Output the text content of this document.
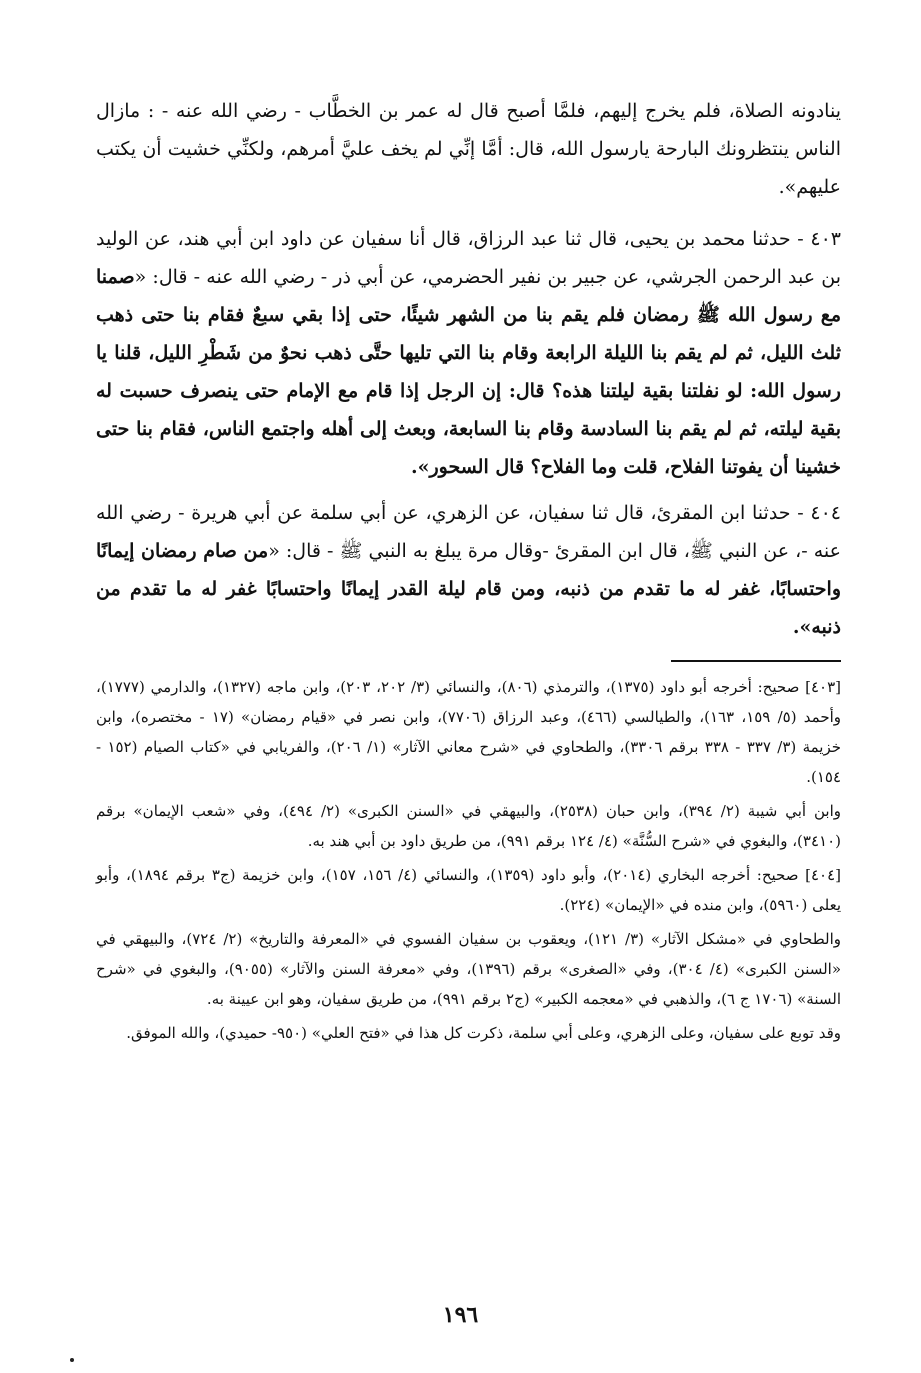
ينادونه الصلاة، فلم يخرج إليهم، فلمَّا أصبح قال له عمر بن الخطَّاب - رضي الله عنه - : مازال الناس ينتظرونك البارحة يارسول الله، قال: أمَّا إنِّي لم يخف عليَّ أمرهم، ولكنِّي خشيت أن يكتب عليهم».

٤٠٣ - حدثنا محمد بن يحيى، قال ثنا عبد الرزاق، قال أنا سفيان عن داود ابن أبي هند، عن الوليد بن عبد الرحمن الجرشي، عن جبير بن نفير الحضرمي، عن أبي ذر - رضي الله عنه - قال: «صمنا مع رسول الله ﷺ رمضان فلم يقم بنا من الشهر شيئًا، حتى إذا بقي سبعٌ فقام بنا حتى ذهب ثلث الليل، ثم لم يقم بنا الليلة الرابعة وقام بنا التي تليها حتَّى ذهب نحوٌ من شَطْرِ الليل، قلنا يا رسول الله: لو نفلتنا بقية ليلتنا هذه؟ قال: إن الرجل إذا قام مع الإمام حتى ينصرف حسبت له بقية ليلته، ثم لم يقم بنا السادسة وقام بنا السابعة، وبعث إلى أهله واجتمع الناس، فقام بنا حتى خشينا أن يفوتنا الفلاح، قلت وما الفلاح؟ قال السحور».

٤٠٤ - حدثنا ابن المقرئ، قال ثنا سفيان، عن الزهري، عن أبي سلمة عن أبي هريرة - رضي الله عنه -، عن النبي ﷺ، قال ابن المقرئ -وقال مرة يبلغ به النبي ﷺ - قال: «من صام رمضان إيمانًا واحتسابًا، غفر له ما تقدم من ذنبه، ومن قام ليلة القدر إيمانًا واحتسابًا غفر له ما تقدم من ذنبه».

[٤٠٣] صحيح: أخرجه أبو داود (١٣٧٥)، والترمذي (٨٠٦)، والنسائي (٣/ ٢٠٢، ٢٠٣)، وابن ماجه (١٣٢٧)، والدارمي (١٧٧٧)، وأحمد (٥/ ١٥٩، ١٦٣)، والطيالسي (٤٦٦)، وعبد الرزاق (٧٧٠٦)، وابن نصر في «قيام رمضان» (١٧ - مختصره)، وابن خزيمة (٣/ ٣٣٧ - ٣٣٨ برقم ٣٣٠٦)، والطحاوي في «شرح معاني الآثار» (١/ ٢٠٦)، والفريابي في «كتاب الصيام (١٥٢ - ١٥٤).

وابن أبي شيبة (٢/ ٣٩٤)، وابن حبان (٢٥٣٨)، والبيهقي في «السنن الكبرى» (٢/ ٤٩٤)، وفي «شعب الإيمان» برقم (٣٤١٠)، والبغوي في «شرح السُّنَّة» (٤/ ١٢٤ برقم ٩٩١)، من طريق داود بن أبي هند به.

[٤٠٤] صحيح: أخرجه البخاري (٢٠١٤)، وأبو داود (١٣٥٩)، والنسائي (٤/ ١٥٦، ١٥٧)، وابن خزيمة (ج٣ برقم ١٨٩٤)، وأبو يعلى (٥٩٦٠)، وابن منده في «الإيمان» (٢٢٤).

والطحاوي في «مشكل الآثار» (٣/ ١٢١)، ويعقوب بن سفيان الفسوي في «المعرفة والتاريخ» (٢/ ٧٢٤)، والبيهقي في «السنن الكبرى» (٤/ ٣٠٤)، وفي «الصغرى» برقم (١٣٩٦)، وفي «معرفة السنن والآثار» (٩٠٥٥)، والبغوي في «شرح السنة» (١٧٠٦ ج ٦)، والذهبي في «معجمه الكبير» (ج٢ برقم ٩٩١)، من طريق سفيان، وهو ابن عيينة به.

وقد توبع على سفيان، وعلى الزهري، وعلى أبي سلمة، ذكرت كل هذا في «فتح العلي» (٩٥٠- حميدي)، والله الموفق.

١٩٦
